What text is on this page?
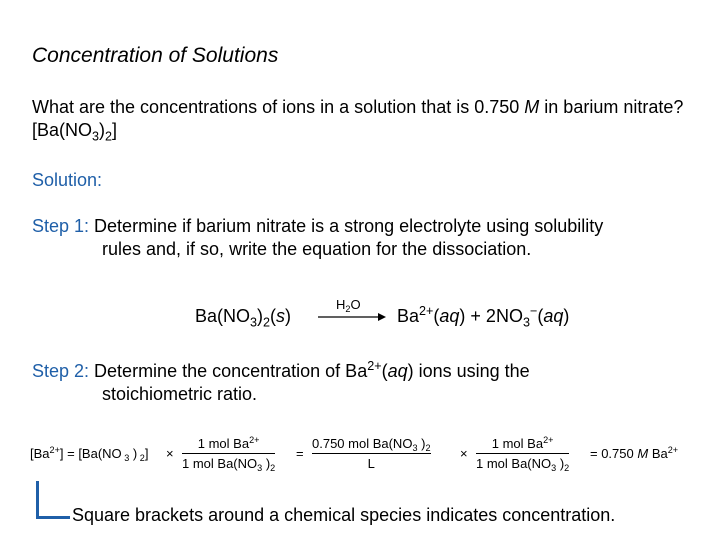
Concentration of Solutions
What are the concentrations of ions in a solution that is 0.750 M in barium nitrate? $[Ba(NO_3)_2]$
Solution:
Step 1: Determine if barium nitrate is a strong electrolyte using solubility
rules and, if so, write the equation for the dissociation.
$Ba(NO_3)_2(s)$
$H_2O$
$Ba^{2+}(aq) + 2NO_3^-(aq)$
Step 2: Determine the concentration of $Ba^{2+}(aq)$ ions using the
stoichiometric ratio.
$[Ba^{2+}] = [Ba(NO$ $_3$ ) $_2$] ×
1 mol $Ba^{2+}$
1 mol $Ba(NO_3$ )$_2$
=
0.750 mol $Ba(NO_3$ )$_2$
L
×
1 mol $Ba^{2+}$
1 mol $Ba(NO_3$ )$_2$
= 0.750 M $Ba^{2+}$
Square brackets around a chemical species indicates concentration.
